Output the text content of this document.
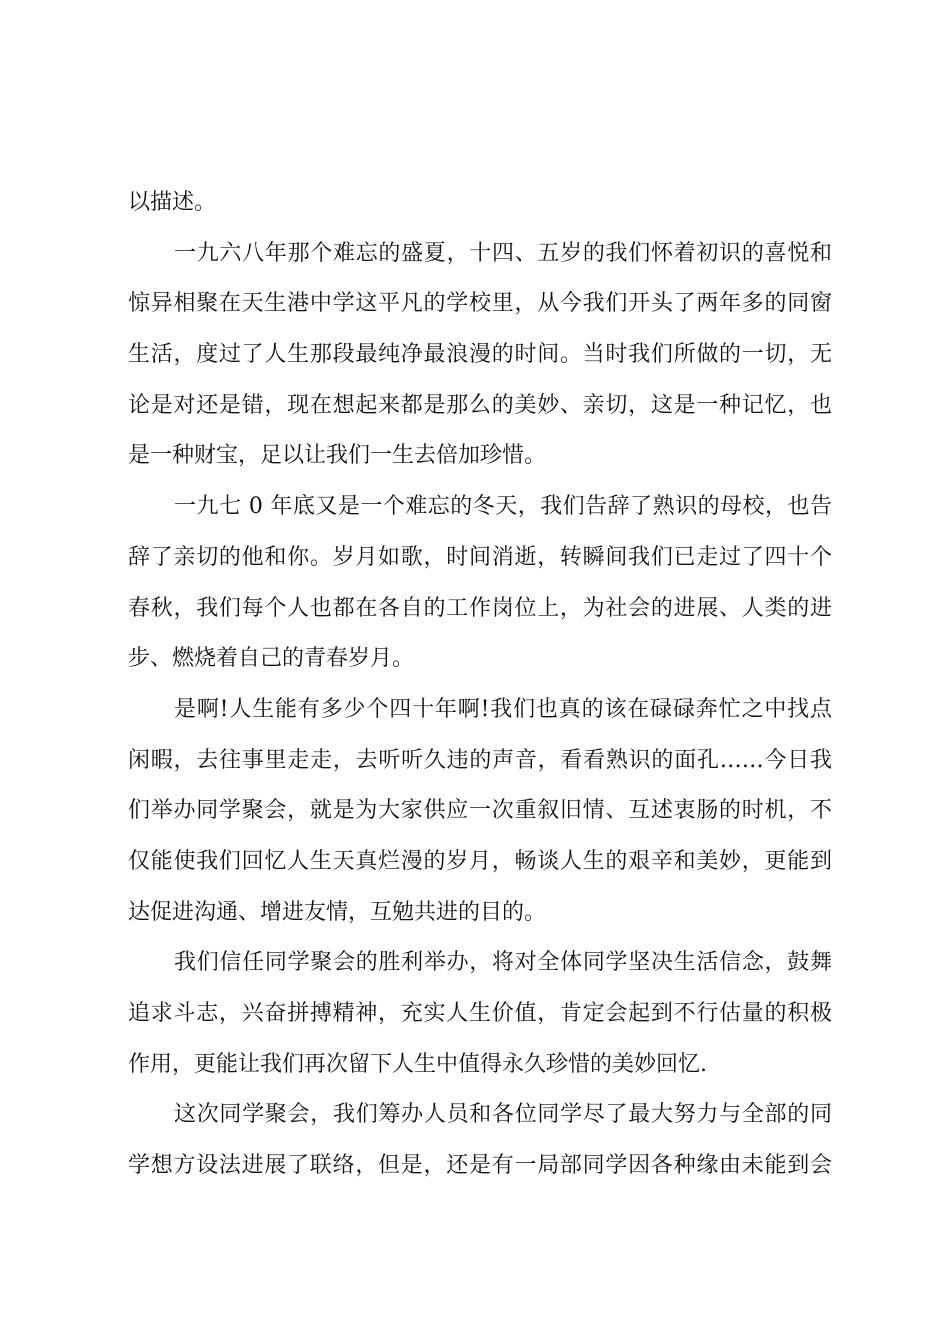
以描述。
一九六八年那个难忘的盛夏，十四、五岁的我们怀着初识的喜悦和
惊异相聚在天生港中学这平凡的学校里，从今我们开头了两年多的同窗
生活，度过了人生那段最纯净最浪漫的时间。当时我们所做的一切，无
论是对还是错，现在想起来都是那么的美妙、亲切，这是一种记忆，也
是一种财宝，足以让我们一生去倍加珍惜。
一九七 0 年底又是一个难忘的冬天，我们告辞了熟识的母校，也告
辞了亲切的他和你。岁月如歌，时间消逝，转瞬间我们已走过了四十个
春秋，我们每个人也都在各自的工作岗位上，为社会的进展、人类的进
步、燃烧着自己的青春岁月。
是啊!人生能有多少个四十年啊!我们也真的该在碌碌奔忙之中找点
闲暇，去往事里走走，去听听久违的声音，看看熟识的面孔……今日我
们举办同学聚会，就是为大家供应一次重叙旧情、互述衷肠的时机，不
仅能使我们回忆人生天真烂漫的岁月，畅谈人生的艰辛和美妙，更能到
达促进沟通、增进友情，互勉共进的目的。
我们信任同学聚会的胜利举办，将对全体同学坚决生活信念，鼓舞
追求斗志，兴奋拼搏精神，充实人生价值，肯定会起到不行估量的积极
作用，更能让我们再次留下人生中值得永久珍惜的美妙回忆.
这次同学聚会，我们筹办人员和各位同学尽了最大努力与全部的同
学想方设法进展了联络，但是，还是有一局部同学因各种缘由未能到会
